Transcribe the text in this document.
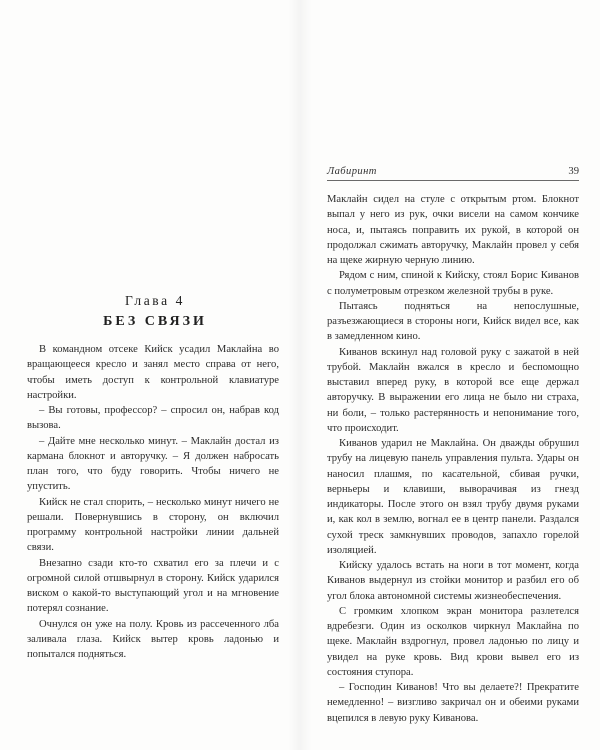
Глава 4
БЕЗ СВЯЗИ

В командном отсеке Кийск усадил Маклайна во вращающееся кресло и занял место справа от него, чтобы иметь доступ к контрольной клавиатуре настройки.

– Вы готовы, профессор? – спросил он, набрав код вызова.

– Дайте мне несколько минут. – Маклайн достал из кармана блокнот и авторучку. – Я должен набросать план того, что буду говорить. Чтобы ничего не упустить.

Кийск не стал спорить, – несколько минут ничего не решали. Повернувшись в сторону, он включил программу контрольной настройки линии дальней связи.

Внезапно сзади кто-то схватил его за плечи и с огромной силой отшвырнул в сторону. Кийск ударился виском о какой-то выступающий угол и на мгновение потерял сознание.

Очнулся он уже на полу. Кровь из рассеченного лба заливала глаза. Кийск вытер кровь ладонью и попытался подняться.

Лабиринт	39

Маклайн сидел на стуле с открытым ртом. Блокнот выпал у него из рук, очки висели на самом кончике носа, и, пытаясь поправить их рукой, в которой он продолжал сжимать авторучку, Маклайн провел у себя на щеке жирную черную линию.

Рядом с ним, спиной к Кийску, стоял Борис Киванов с полуметровым отрезком железной трубы в руке.

Пытаясь подняться на непослушные, разъезжающиеся в стороны ноги, Кийск видел все, как в замедленном кино.

Киванов вскинул над головой руку с зажатой в ней трубой. Маклайн вжался в кресло и беспомощно выставил вперед руку, в которой все еще держал авторучку. В выражении его лица не было ни страха, ни боли, – только растерянность и непонимание того, что происходит.

Киванов ударил не Маклайна. Он дважды обрушил трубу на лицевую панель управления пульта. Удары он наносил плашмя, по касательной, сбивая ручки, верньеры и клавиши, выворачивая из гнезд индикаторы. После этого он взял трубу двумя руками и, как кол в землю, вогнал ее в центр панели. Раздался сухой треск замкнувших проводов, запахло горелой изоляцией.

Кийску удалось встать на ноги в тот момент, когда Киванов выдернул из стойки монитор и разбил его об угол блока автономной системы жизнеобеспечения.

С громким хлопком экран монитора разлетелся вдребезги. Один из осколков чиркнул Маклайна по щеке. Маклайн вздрогнул, провел ладонью по лицу и увидел на руке кровь. Вид крови вывел его из состояния ступора.

– Господин Киванов! Что вы делаете?! Прекратите немедленно! – визгливо закричал он и обеими руками вцепился в левую руку Киванова.
